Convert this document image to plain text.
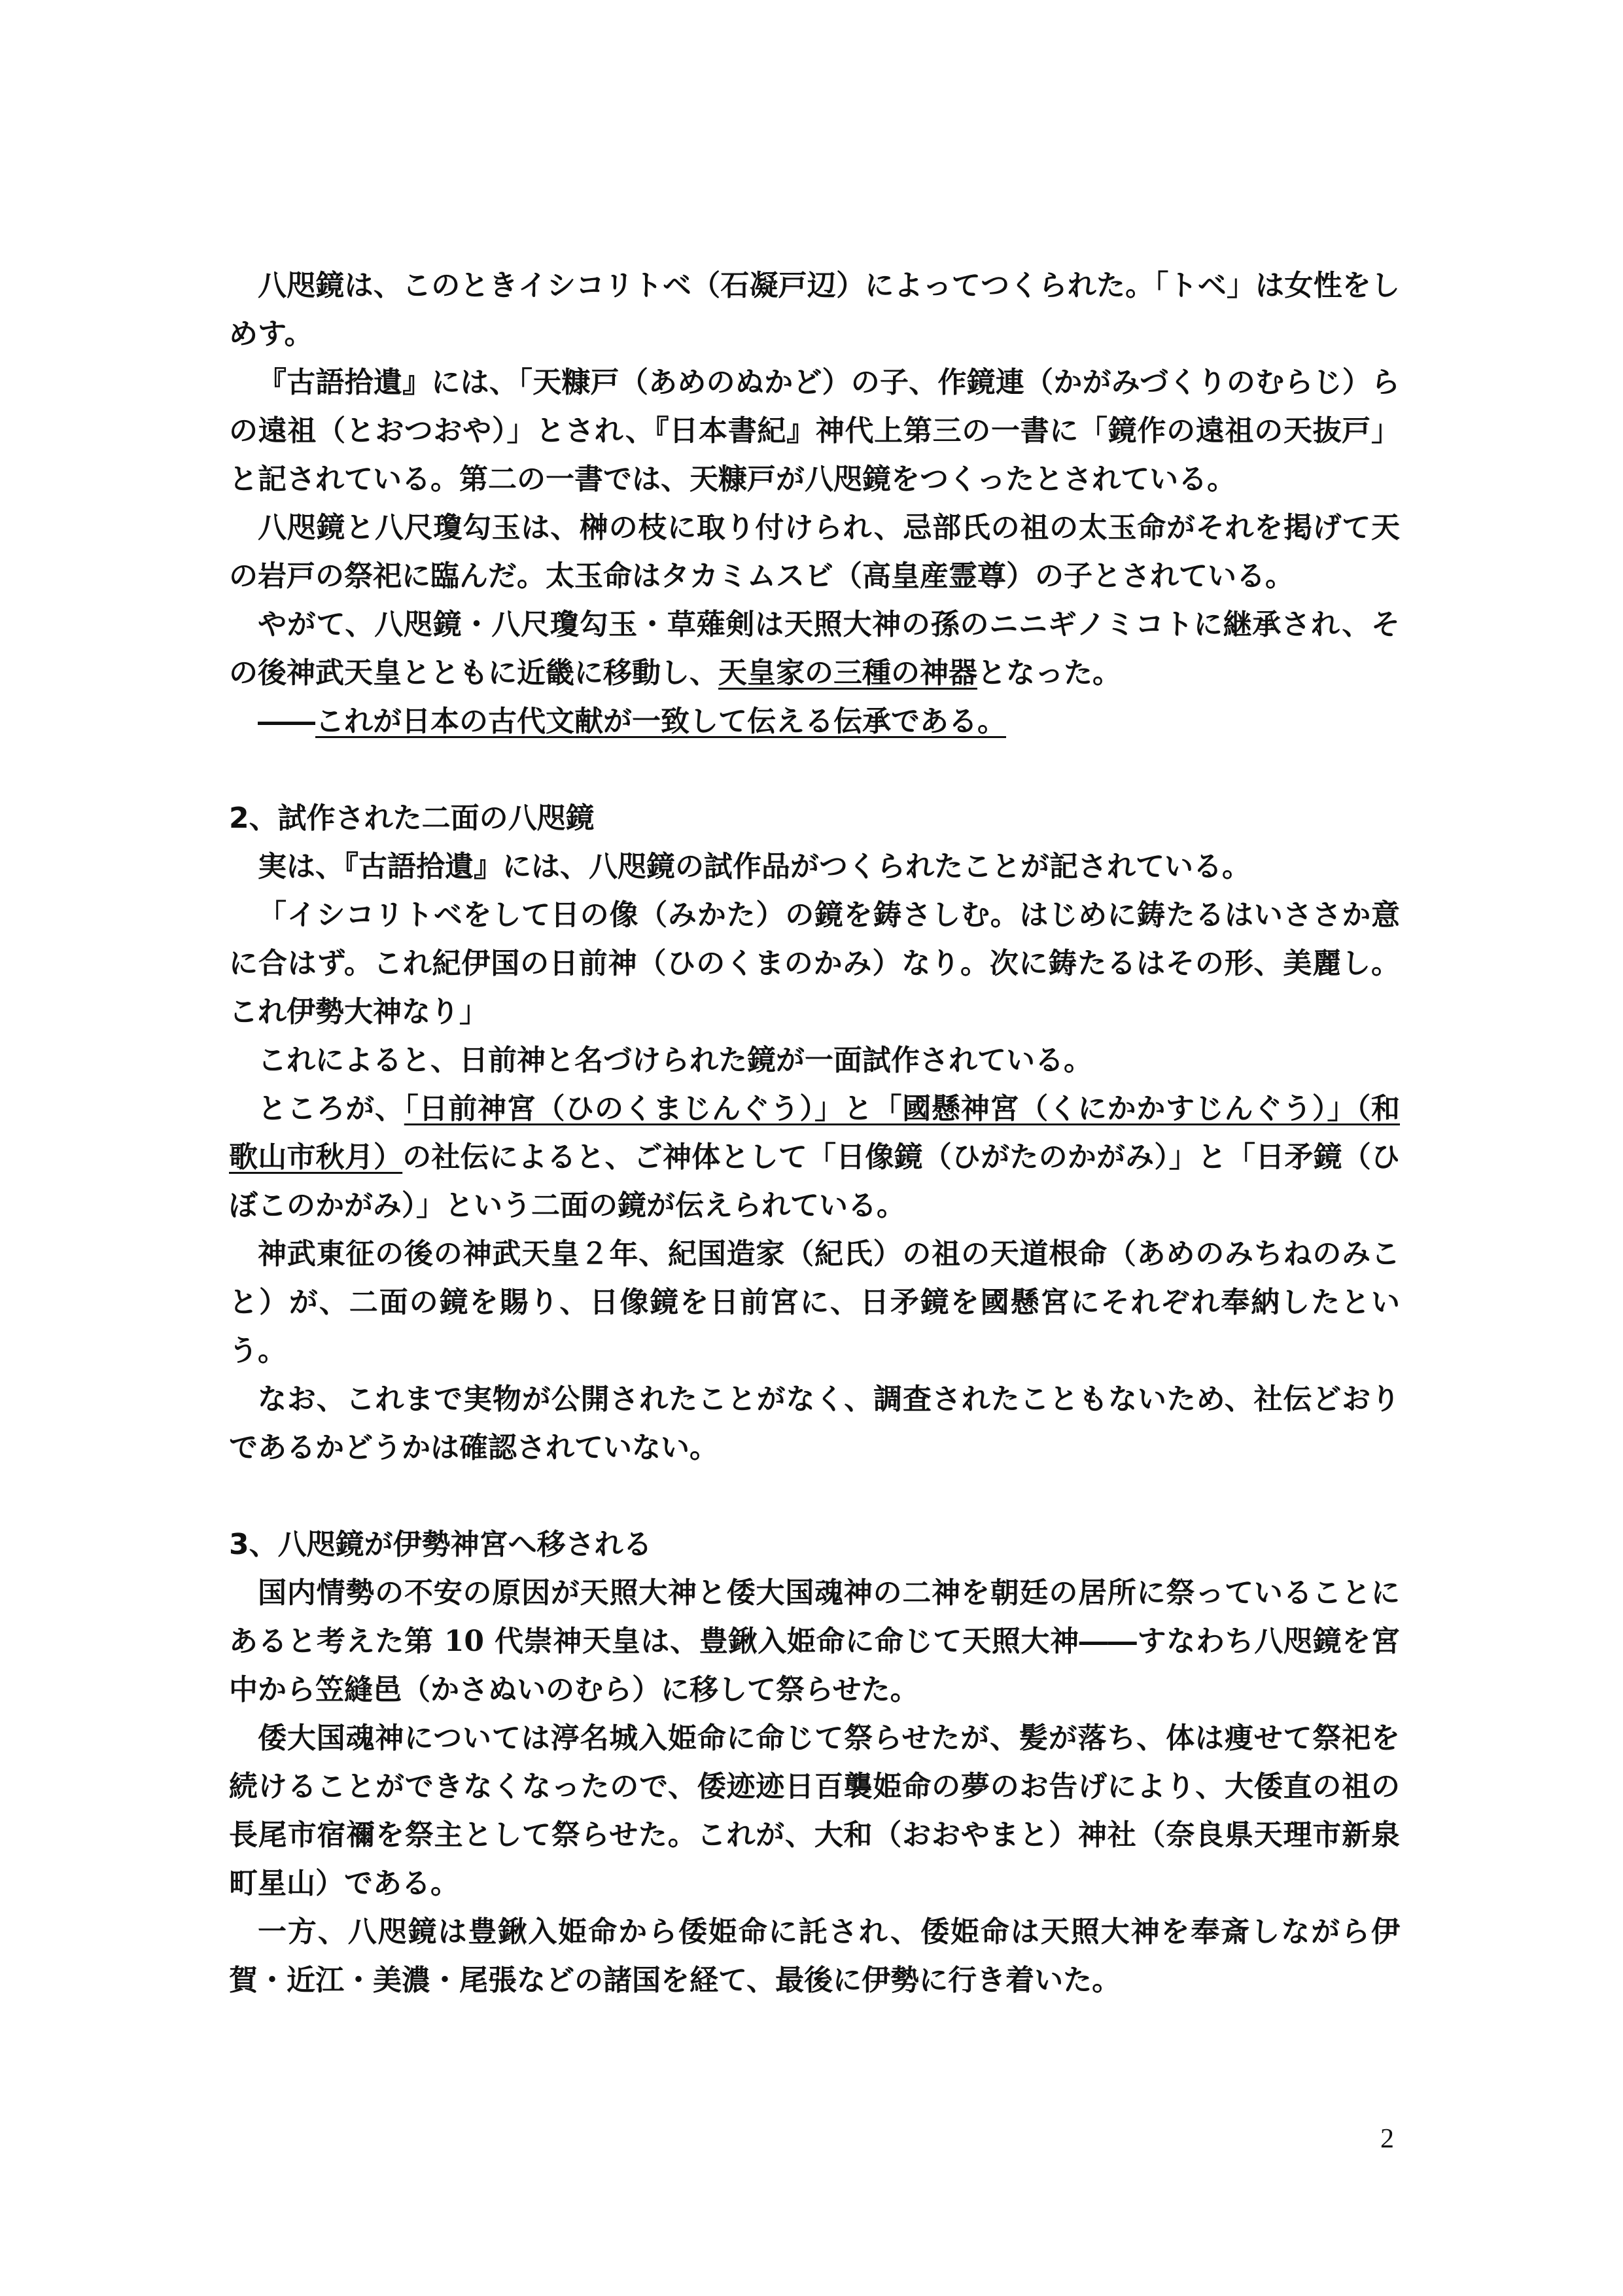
八咫鏡は、このときイシコリトベ（石凝戸辺）によってつくられた。「トベ」は女性をしめす。

『古語拾遺』には、「天糠戸（あめのぬかど）の子、作鏡連（かがみづくりのむらじ）らの遠祖（とおつおや）」とされ、『日本書紀』神代上第三の一書に「鏡作の遠祖の天抜戸」と記されている。第二の一書では、天糠戸が八咫鏡をつくったとされている。

八咫鏡と八尺瓊勾玉は、榊の枝に取り付けられ、忌部氏の祖の太玉命がそれを掲げて天の岩戸の祭祀に臨んだ。太玉命はタカミムスビ（高皇産霊尊）の子とされている。

やがて、八咫鏡・八尺瓊勾玉・草薙剣は天照大神の孫のニニギノミコトに継承され、その後神武天皇とともに近畿に移動し、天皇家の三種の神器となった。

――これが日本の古代文献が一致して伝える伝承である。

2、試作された二面の八咫鏡

実は、『古語拾遺』には、八咫鏡の試作品がつくられたことが記されている。

「イシコリトベをして日の像（みかた）の鏡を鋳さしむ。はじめに鋳たるはいささか意に合はず。これ紀伊国の日前神（ひのくまのかみ）なり。次に鋳たるはその形、美麗し。これ伊勢大神なり」

これによると、日前神と名づけられた鏡が一面試作されている。

ところが、「日前神宮（ひのくまじんぐう）」と「國懸神宮（くにかかすじんぐう）」（和歌山市秋月）の社伝によると、ご神体として「日像鏡（ひがたのかがみ）」と「日矛鏡（ひぼこのかがみ）」という二面の鏡が伝えられている。

神武東征の後の神武天皇２年、紀国造家（紀氏）の祖の天道根命（あめのみちねのみこと）が、二面の鏡を賜り、日像鏡を日前宮に、日矛鏡を國懸宮にそれぞれ奉納したという。

なお、これまで実物が公開されたことがなく、調査されたこともないため、社伝どおりであるかどうかは確認されていない。

3、八咫鏡が伊勢神宮へ移される

国内情勢の不安の原因が天照大神と倭大国魂神の二神を朝廷の居所に祭っていることにあると考えた第 10 代崇神天皇は、豊鍬入姫命に命じて天照大神――すなわち八咫鏡を宮中から笠縫邑（かさぬいのむら）に移して祭らせた。

倭大国魂神については渟名城入姫命に命じて祭らせたが、髪が落ち、体は痩せて祭祀を続けることができなくなったので、倭迹迹日百襲姫命の夢のお告げにより、大倭直の祖の長尾市宿禰を祭主として祭らせた。これが、大和（おおやまと）神社（奈良県天理市新泉町星山）である。

一方、八咫鏡は豊鍬入姫命から倭姫命に託され、倭姫命は天照大神を奉斎しながら伊賀・近江・美濃・尾張などの諸国を経て、最後に伊勢に行き着いた。

2
